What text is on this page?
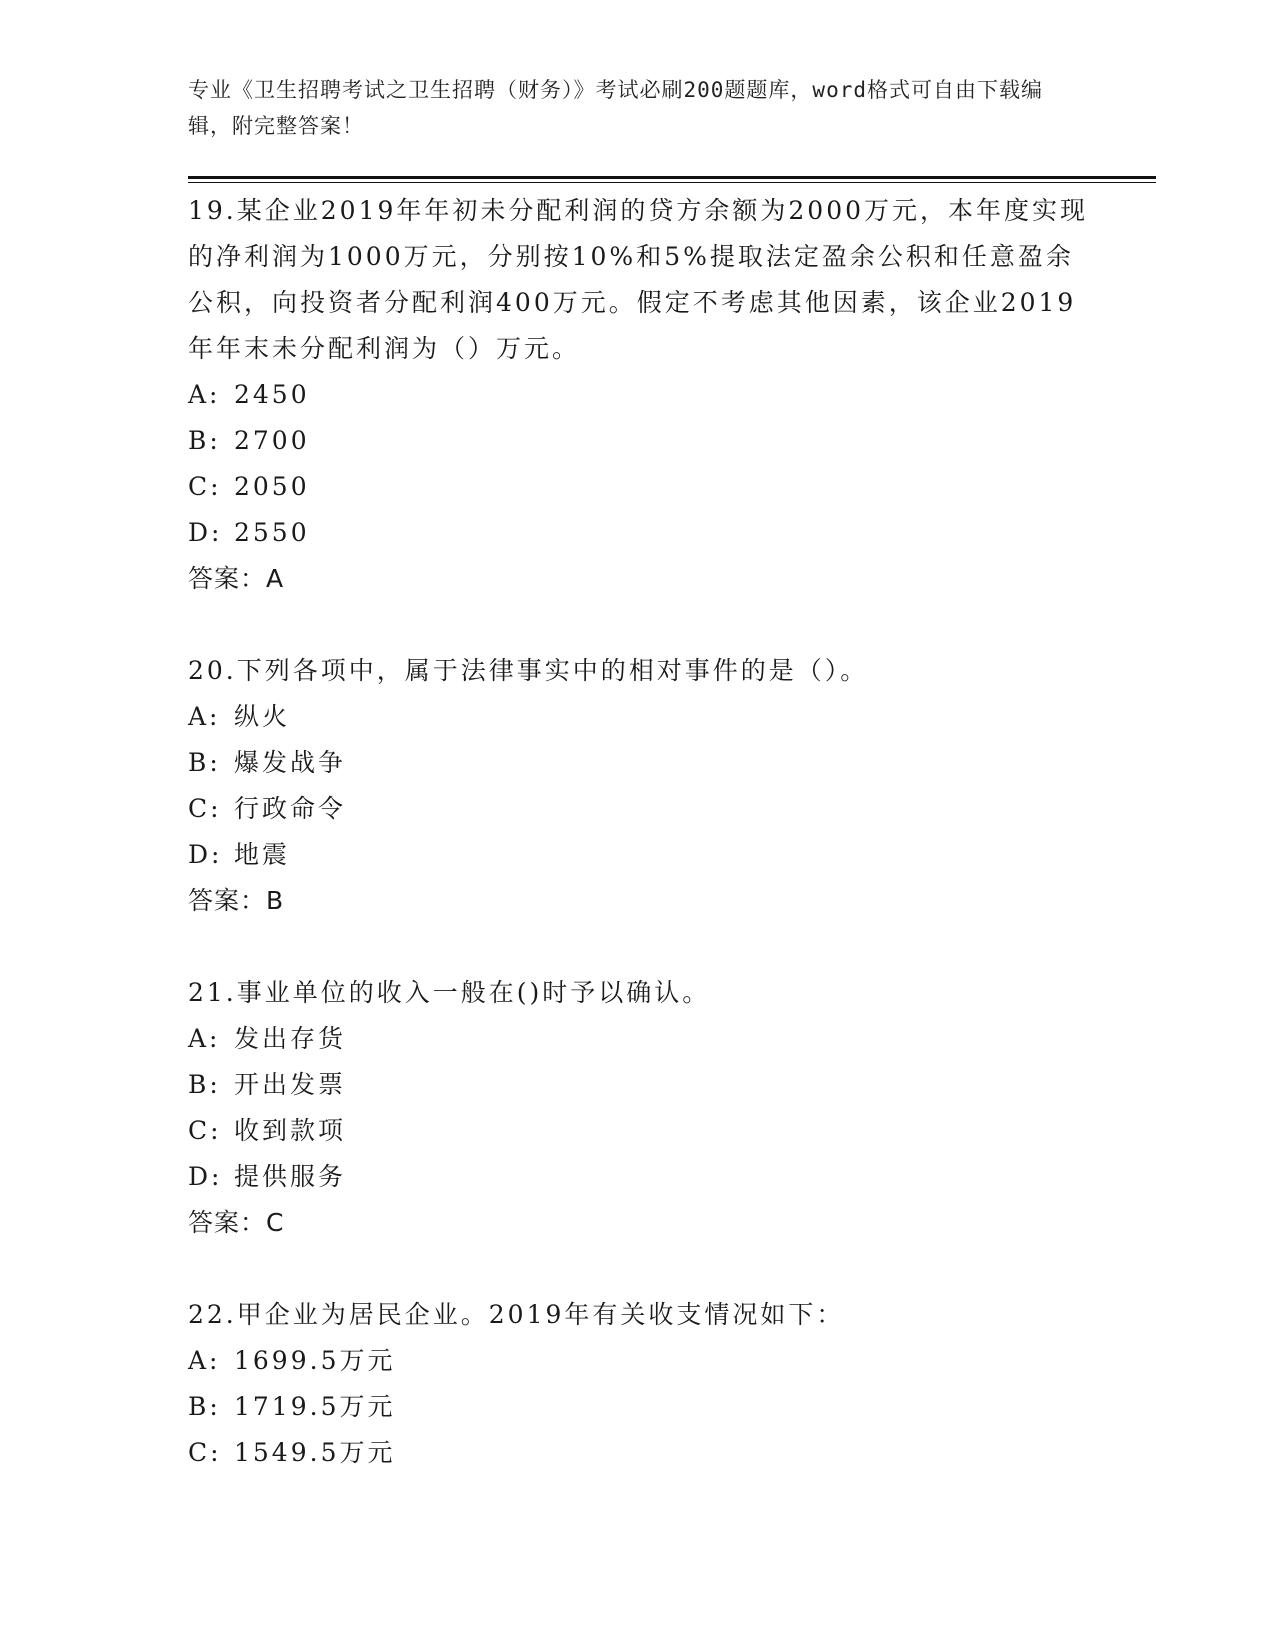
专业《卫生招聘考试之卫生招聘（财务）》考试必刷200题题库，word格式可自由下载编辑，附完整答案！

19.某企业2019年年初未分配利润的贷方余额为2000万元，本年度实现的净利润为1000万元，分别按10%和5%提取法定盈余公积和任意盈余公积，向投资者分配利润400万元。假定不考虑其他因素，该企业2019年年末未分配利润为（）万元。

A: 2450
B: 2700
C: 2050
D: 2550

答案：A

20.下列各项中，属于法律事实中的相对事件的是（）。

A: 纵火
B: 爆发战争
C: 行政命令
D: 地震

答案：B

21.事业单位的收入一般在()时予以确认。

A: 发出存货
B: 开出发票
C: 收到款项
D: 提供服务

答案：C

22.甲企业为居民企业。2019年有关收支情况如下：

A: 1699.5万元
B: 1719.5万元
C: 1549.5万元
